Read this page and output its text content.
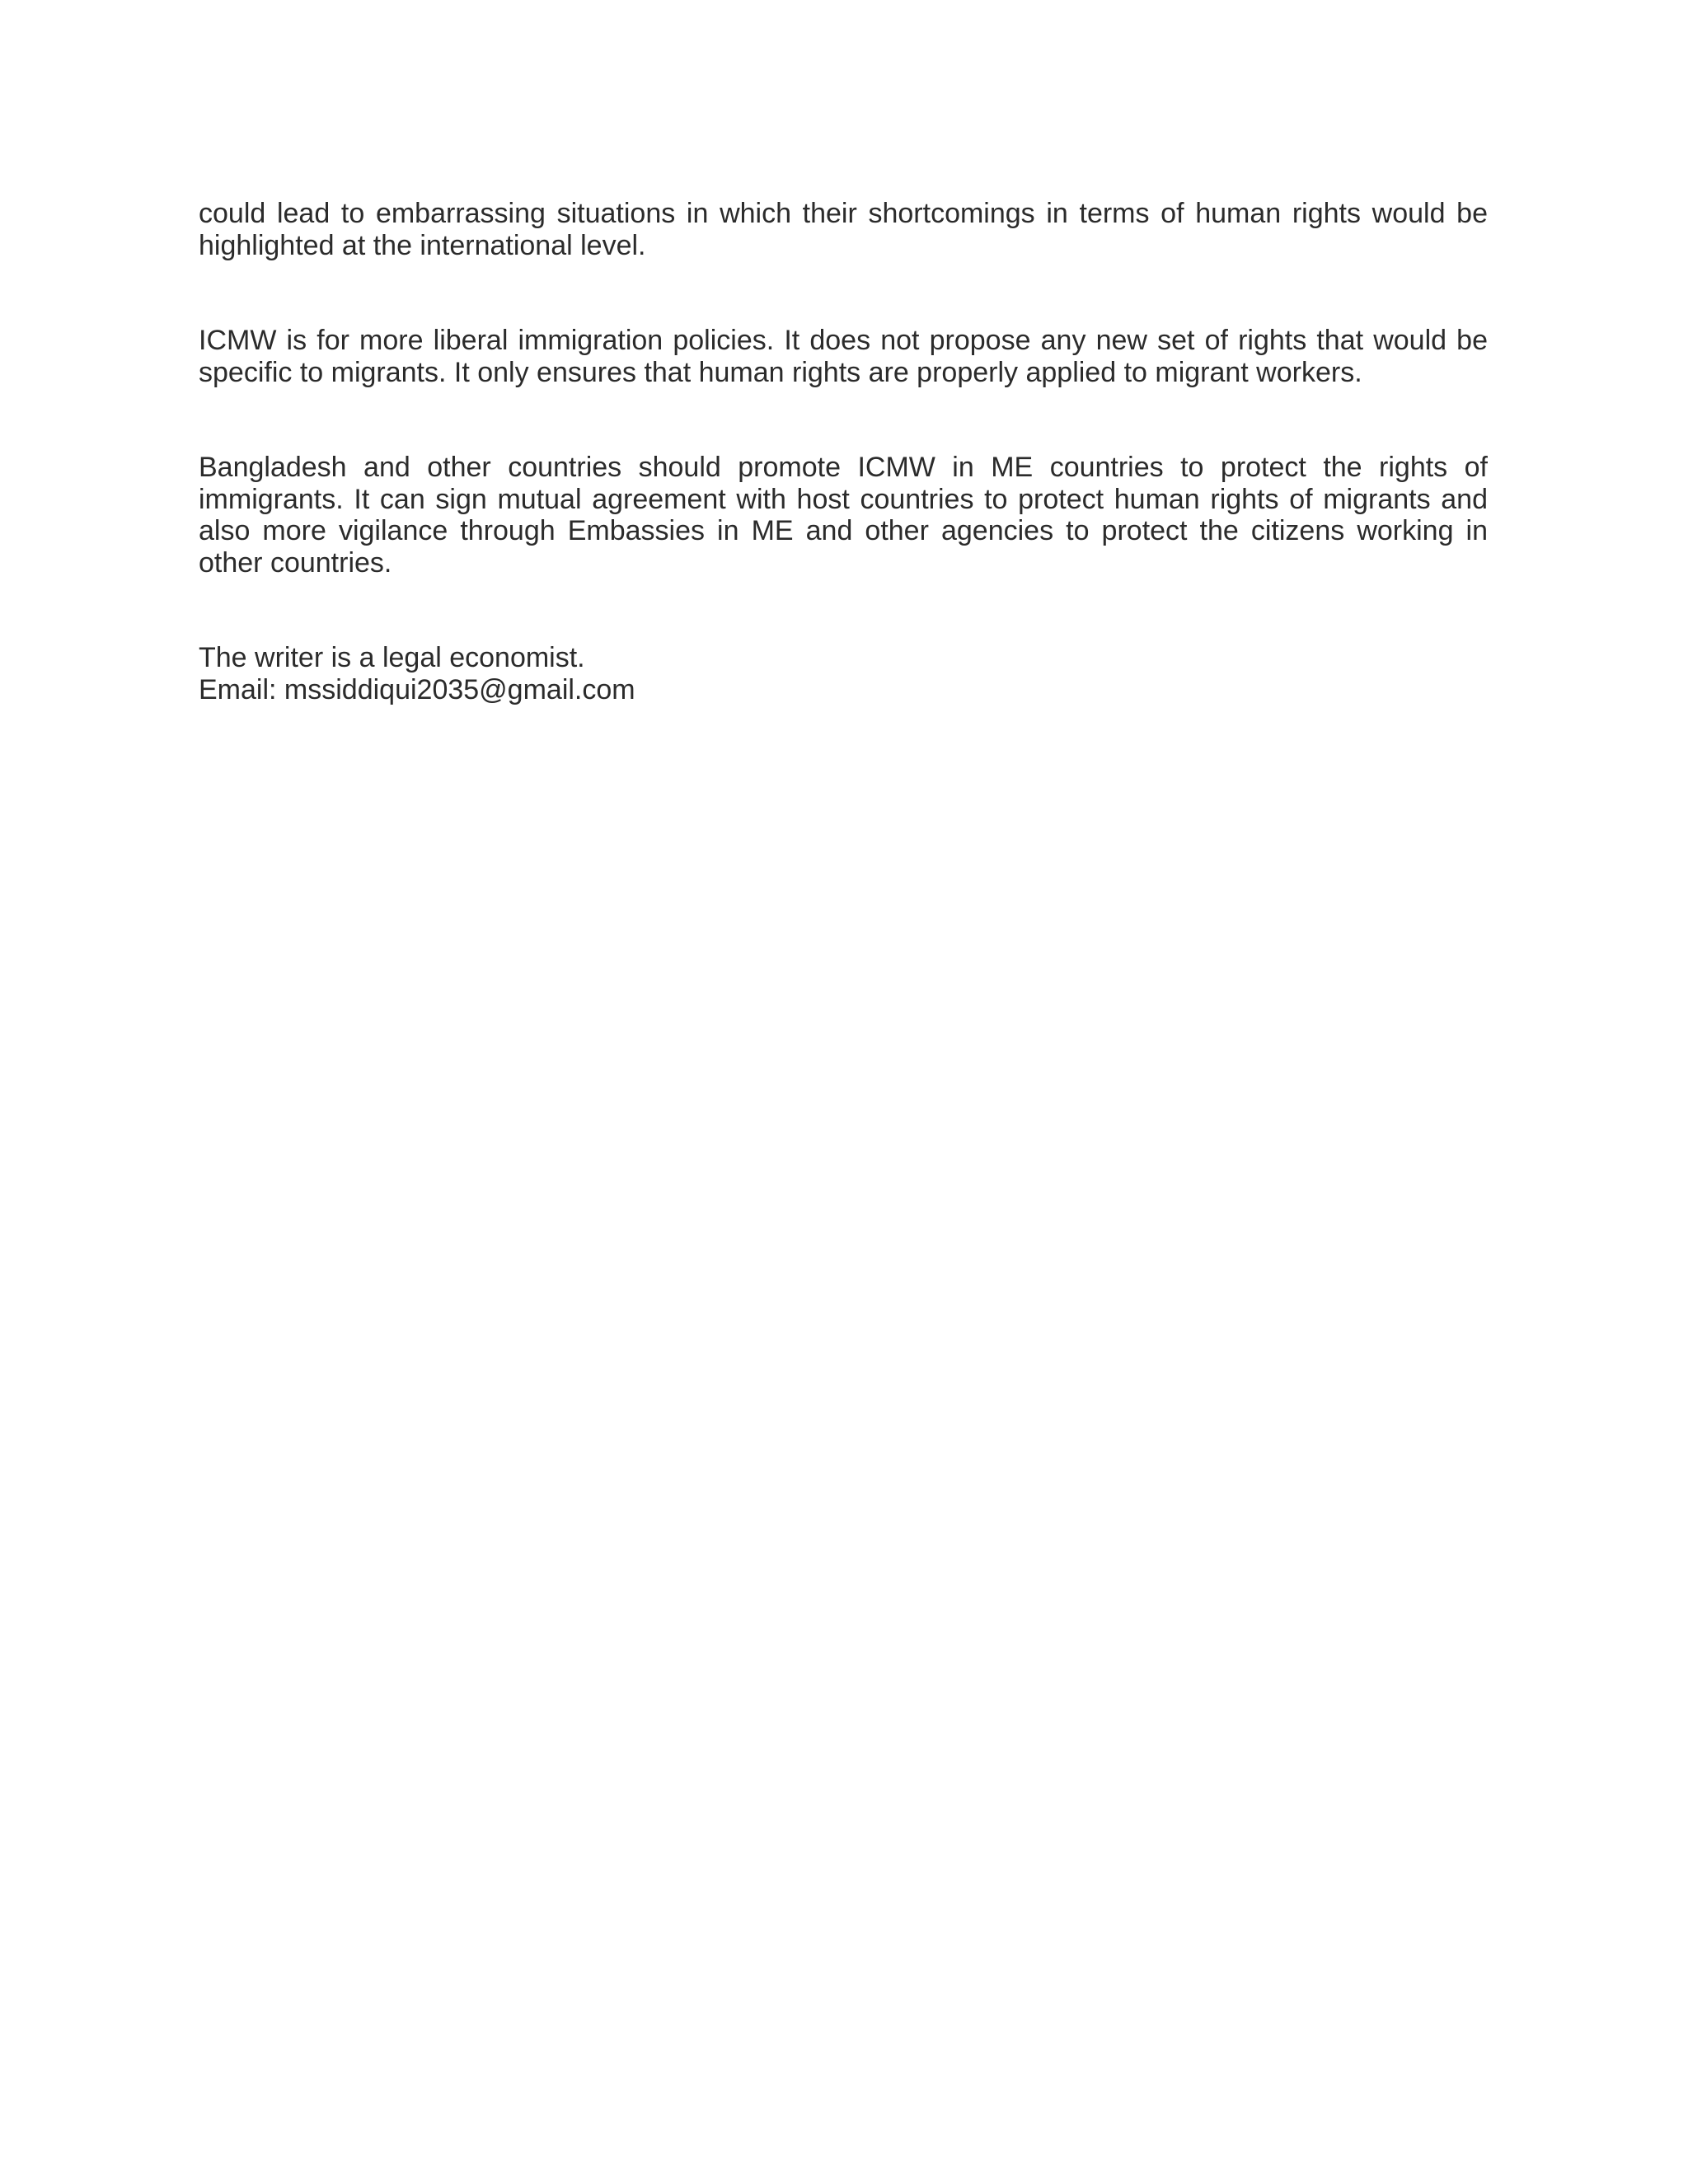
could lead to embarrassing situations in which their shortcomings in terms of human rights would be highlighted at the international level.

ICMW is for more liberal immigration policies. It does not propose any new set of rights that would be specific to migrants. It only ensures that human rights are properly applied to migrant workers.

Bangladesh and other countries should promote ICMW in ME countries to protect the rights of immigrants. It can sign mutual agreement with host countries to protect human rights of migrants and also more vigilance through Embassies in ME and other agencies to protect the citizens working in other countries.

The writer is a legal economist.
Email: mssiddiqui2035@gmail.com
